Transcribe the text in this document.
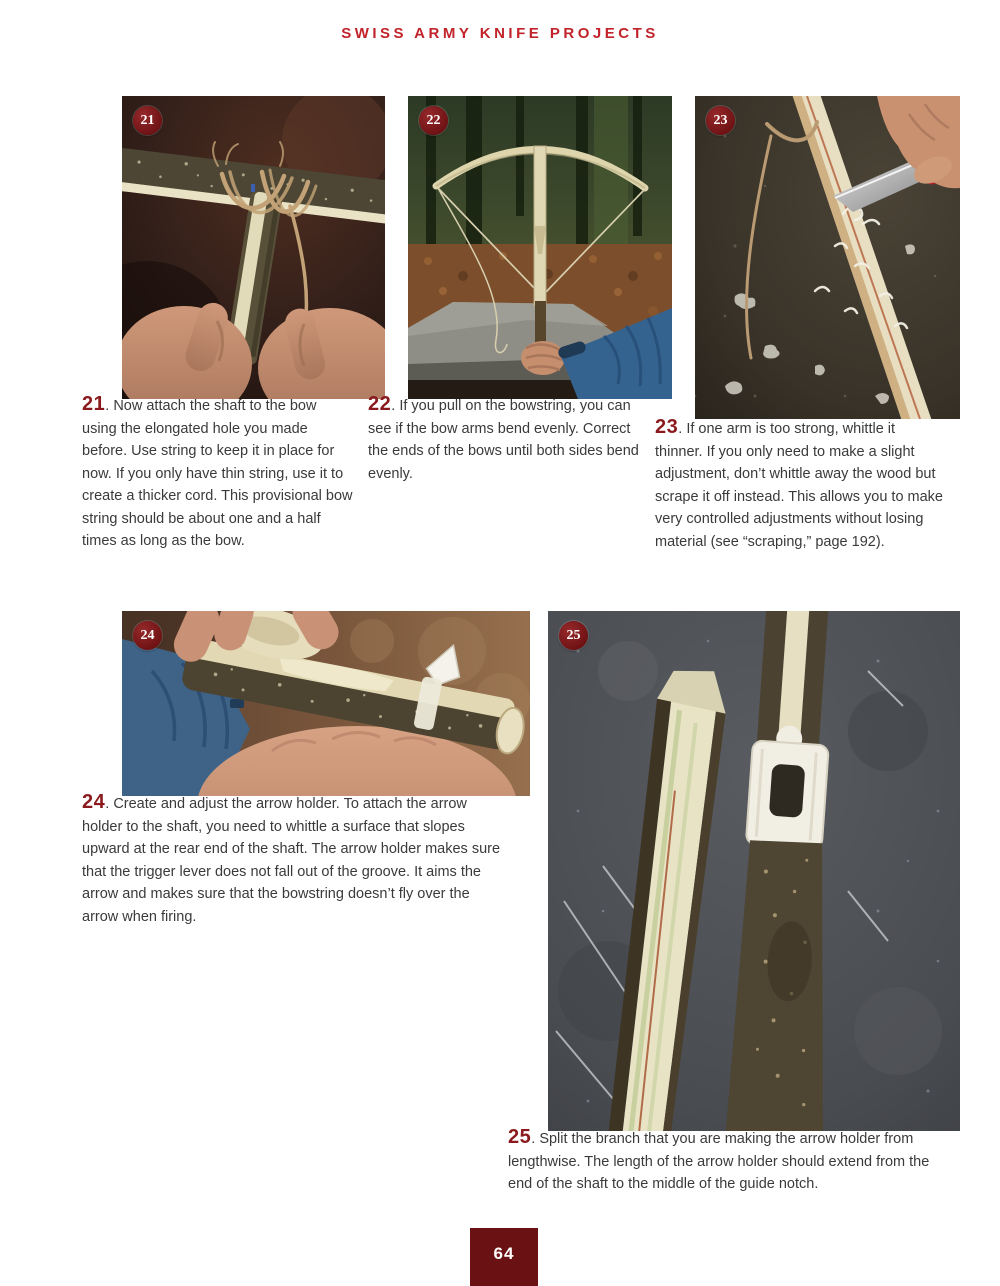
SWISS ARMY KNIFE PROJECTS
21	22	23

21. Now attach the shaft to the bow using the elongated hole you made before. Use string to keep it in place for now. If you only have thin string, use it to create a thicker cord. This provisional bow string should be about one and a half times as long as the bow.

22. If you pull on the bowstring, you can see if the bow arms bend evenly. Correct the ends of the bows until both sides bend evenly.

23. If one arm is too strong, whittle it thinner. If you only need to make a slight adjustment, don’t whittle away the wood but scrape it off instead. This allows you to make very controlled adjustments without losing material (see “scraping,” page 192).

24	25

24. Create and adjust the arrow holder. To attach the arrow holder to the shaft, you need to whittle a surface that slopes upward at the rear end of the shaft. The arrow holder makes sure that the trigger lever does not fall out of the groove. It aims the arrow and makes sure that the bowstring doesn’t fly over the arrow when firing.

25. Split the branch that you are making the arrow holder from lengthwise. The length of the arrow holder should extend from the end of the shaft to the middle of the guide notch.

64
